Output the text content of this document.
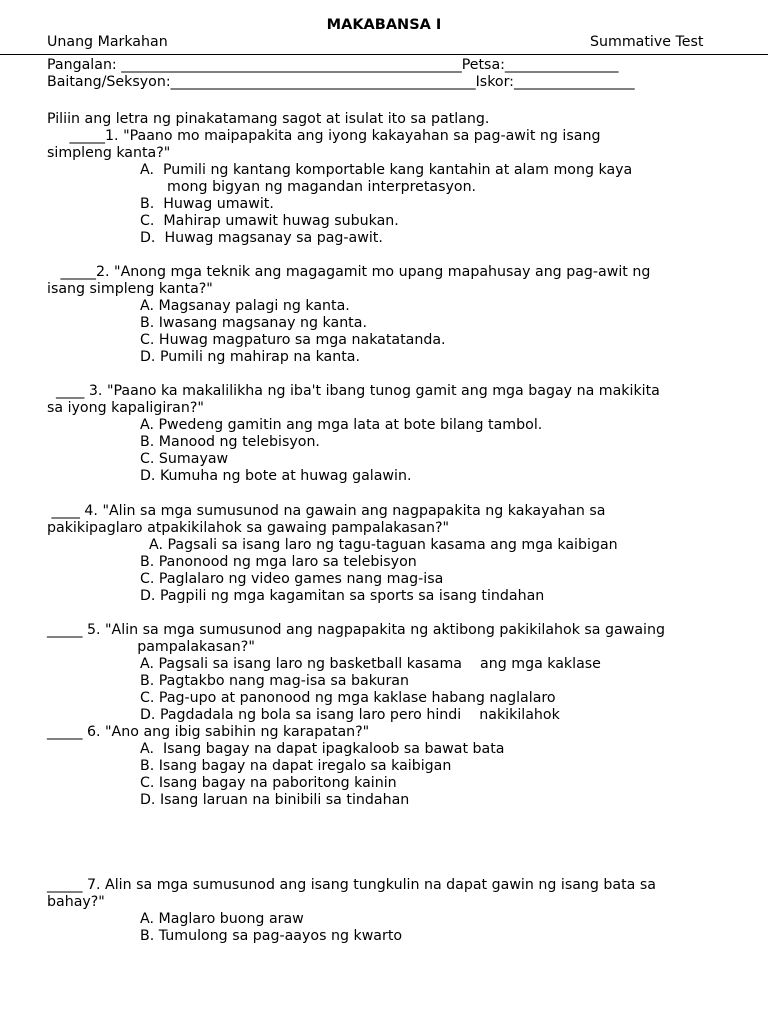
MAKABANSA I
Unang Markahan	Summative Test
Pangalan: ________________________________________________Petsa:________________
Baitang/Seksyon:___________________________________________Iskor:_________________
Piliin ang letra ng pinakatamang sagot at isulat ito sa patlang.
_____1. "Paano mo maipapakita ang iyong kakayahan sa pag-awit ng isang
simpleng kanta?"
A.  Pumili ng kantang komportable kang kantahin at alam mong kaya
mong bigyan ng magandan interpretasyon.
B.  Huwag umawit.
C.  Mahirap umawit huwag subukan.
D.  Huwag magsanay sa pag-awit.
_____2. "Anong mga teknik ang magagamit mo upang mapahusay ang pag-awit ng
isang simpleng kanta?"
A. Magsanay palagi ng kanta.
B. Iwasang magsanay ng kanta.
C. Huwag magpaturo sa mga nakatatanda.
D. Pumili ng mahirap na kanta.
____ 3. "Paano ka makalilikha ng iba't ibang tunog gamit ang mga bagay na makikita
sa iyong kapaligiran?"
A. Pwedeng gamitin ang mga lata at bote bilang tambol.
B. Manood ng telebisyon.
C. Sumayaw
D. Kumuha ng bote at huwag galawin.
____ 4. "Alin sa mga sumusunod na gawain ang nagpapakita ng kakayahan sa
pakikipaglaro atpakikilahok sa gawaing pampalakasan?"
A. Pagsali sa isang laro ng tagu-taguan kasama ang mga kaibigan
B. Panonood ng mga laro sa telebisyon
C. Paglalaro ng video games nang mag-isa
D. Pagpili ng mga kagamitan sa sports sa isang tindahan
_____ 5. "Alin sa mga sumusunod ang nagpapakita ng aktibong pakikilahok sa gawaing
pampalakasan?"
A. Pagsali sa isang laro ng basketball kasama    ang mga kaklase
B. Pagtakbo nang mag-isa sa bakuran
C. Pag-upo at panonood ng mga kaklase habang naglalaro
D. Pagdadala ng bola sa isang laro pero hindi    nakikilahok
_____ 6. "Ano ang ibig sabihin ng karapatan?"
A.  Isang bagay na dapat ipagkaloob sa bawat bata
B. Isang bagay na dapat iregalo sa kaibigan
C. Isang bagay na paboritong kainin
D. Isang laruan na binibili sa tindahan
_____ 7. Alin sa mga sumusunod ang isang tungkulin na dapat gawin ng isang bata sa
bahay?"
A. Maglaro buong araw
B. Tumulong sa pag-aayos ng kwarto
